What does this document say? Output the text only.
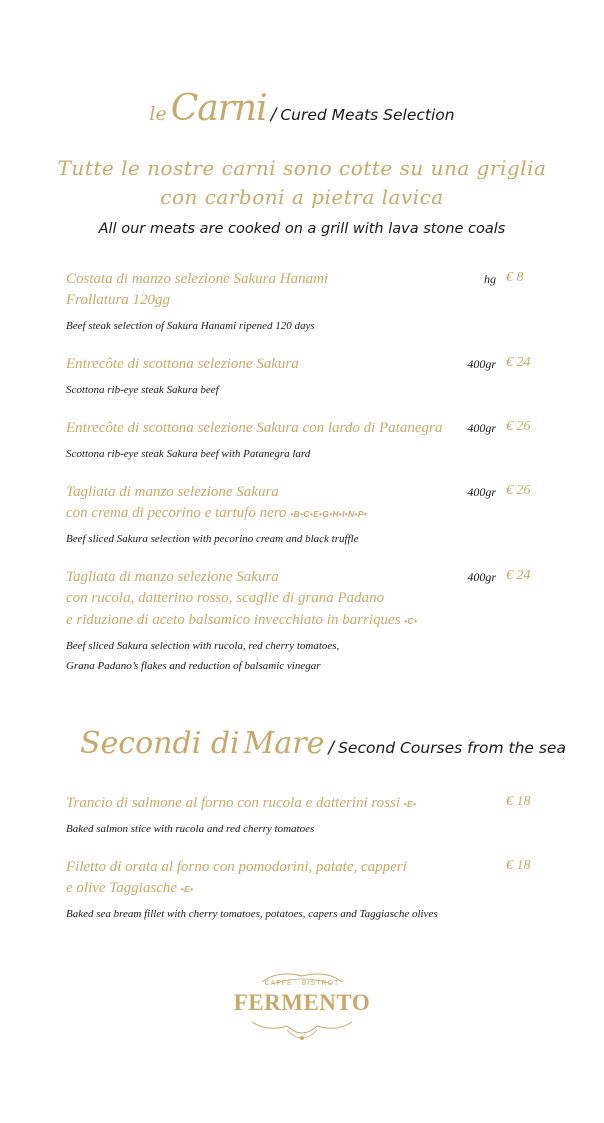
le Carni / Cured Meats Selection
Tutte le nostre carni sono cotte su una griglia
con carboni a pietra lavica
All our meats are cooked on a grill with lava stone coals
Costata di manzo selezione Sakura Hanami
Frollatura 120gg
hg € 8
Beef steak selection of Sakura Hanami ripened 120 days
Entrecôte di scottona selezione Sakura	400gr € 24
Scottona rib-eye steak Sakura beef
Entrecôte di scottona selezione Sakura con lardo di Patanegra	400gr € 26
Scottona rib-eye steak Sakura beef with Patanegra lard
Tagliata di manzo selezione Sakura
con crema di pecorino e tartufo nero •B•C•E•G•H•I•N•P•
400gr € 26
Beef sliced Sakura selection with pecorino cream and black truffle
Tagliata di manzo selezione Sakura
con rucola, datterino rosso, scaglie di grana Padano
e riduzione di aceto balsamico invecchiato in barriques •C•
400gr € 24
Beef sliced Sakura selection with rucola, red cherry tomatoes,
Grana Padano’s flakes and reduction of balsamic vinegar
Secondi di Mare / Second Courses from the sea
Trancio di salmone al forno con rucola e datterini rossi •E•	€ 18
Baked salmon stice with rucola and red cherry tomatoes
Filetto di orata al forno con pomodorini, patate, capperi
e olive Taggiasche •E•
€ 18
Baked sea bream fillet with cherry tomatoes, potatoes, capers and Taggiasche olives
CAFFÈ · BISTROT
FERMENTO
